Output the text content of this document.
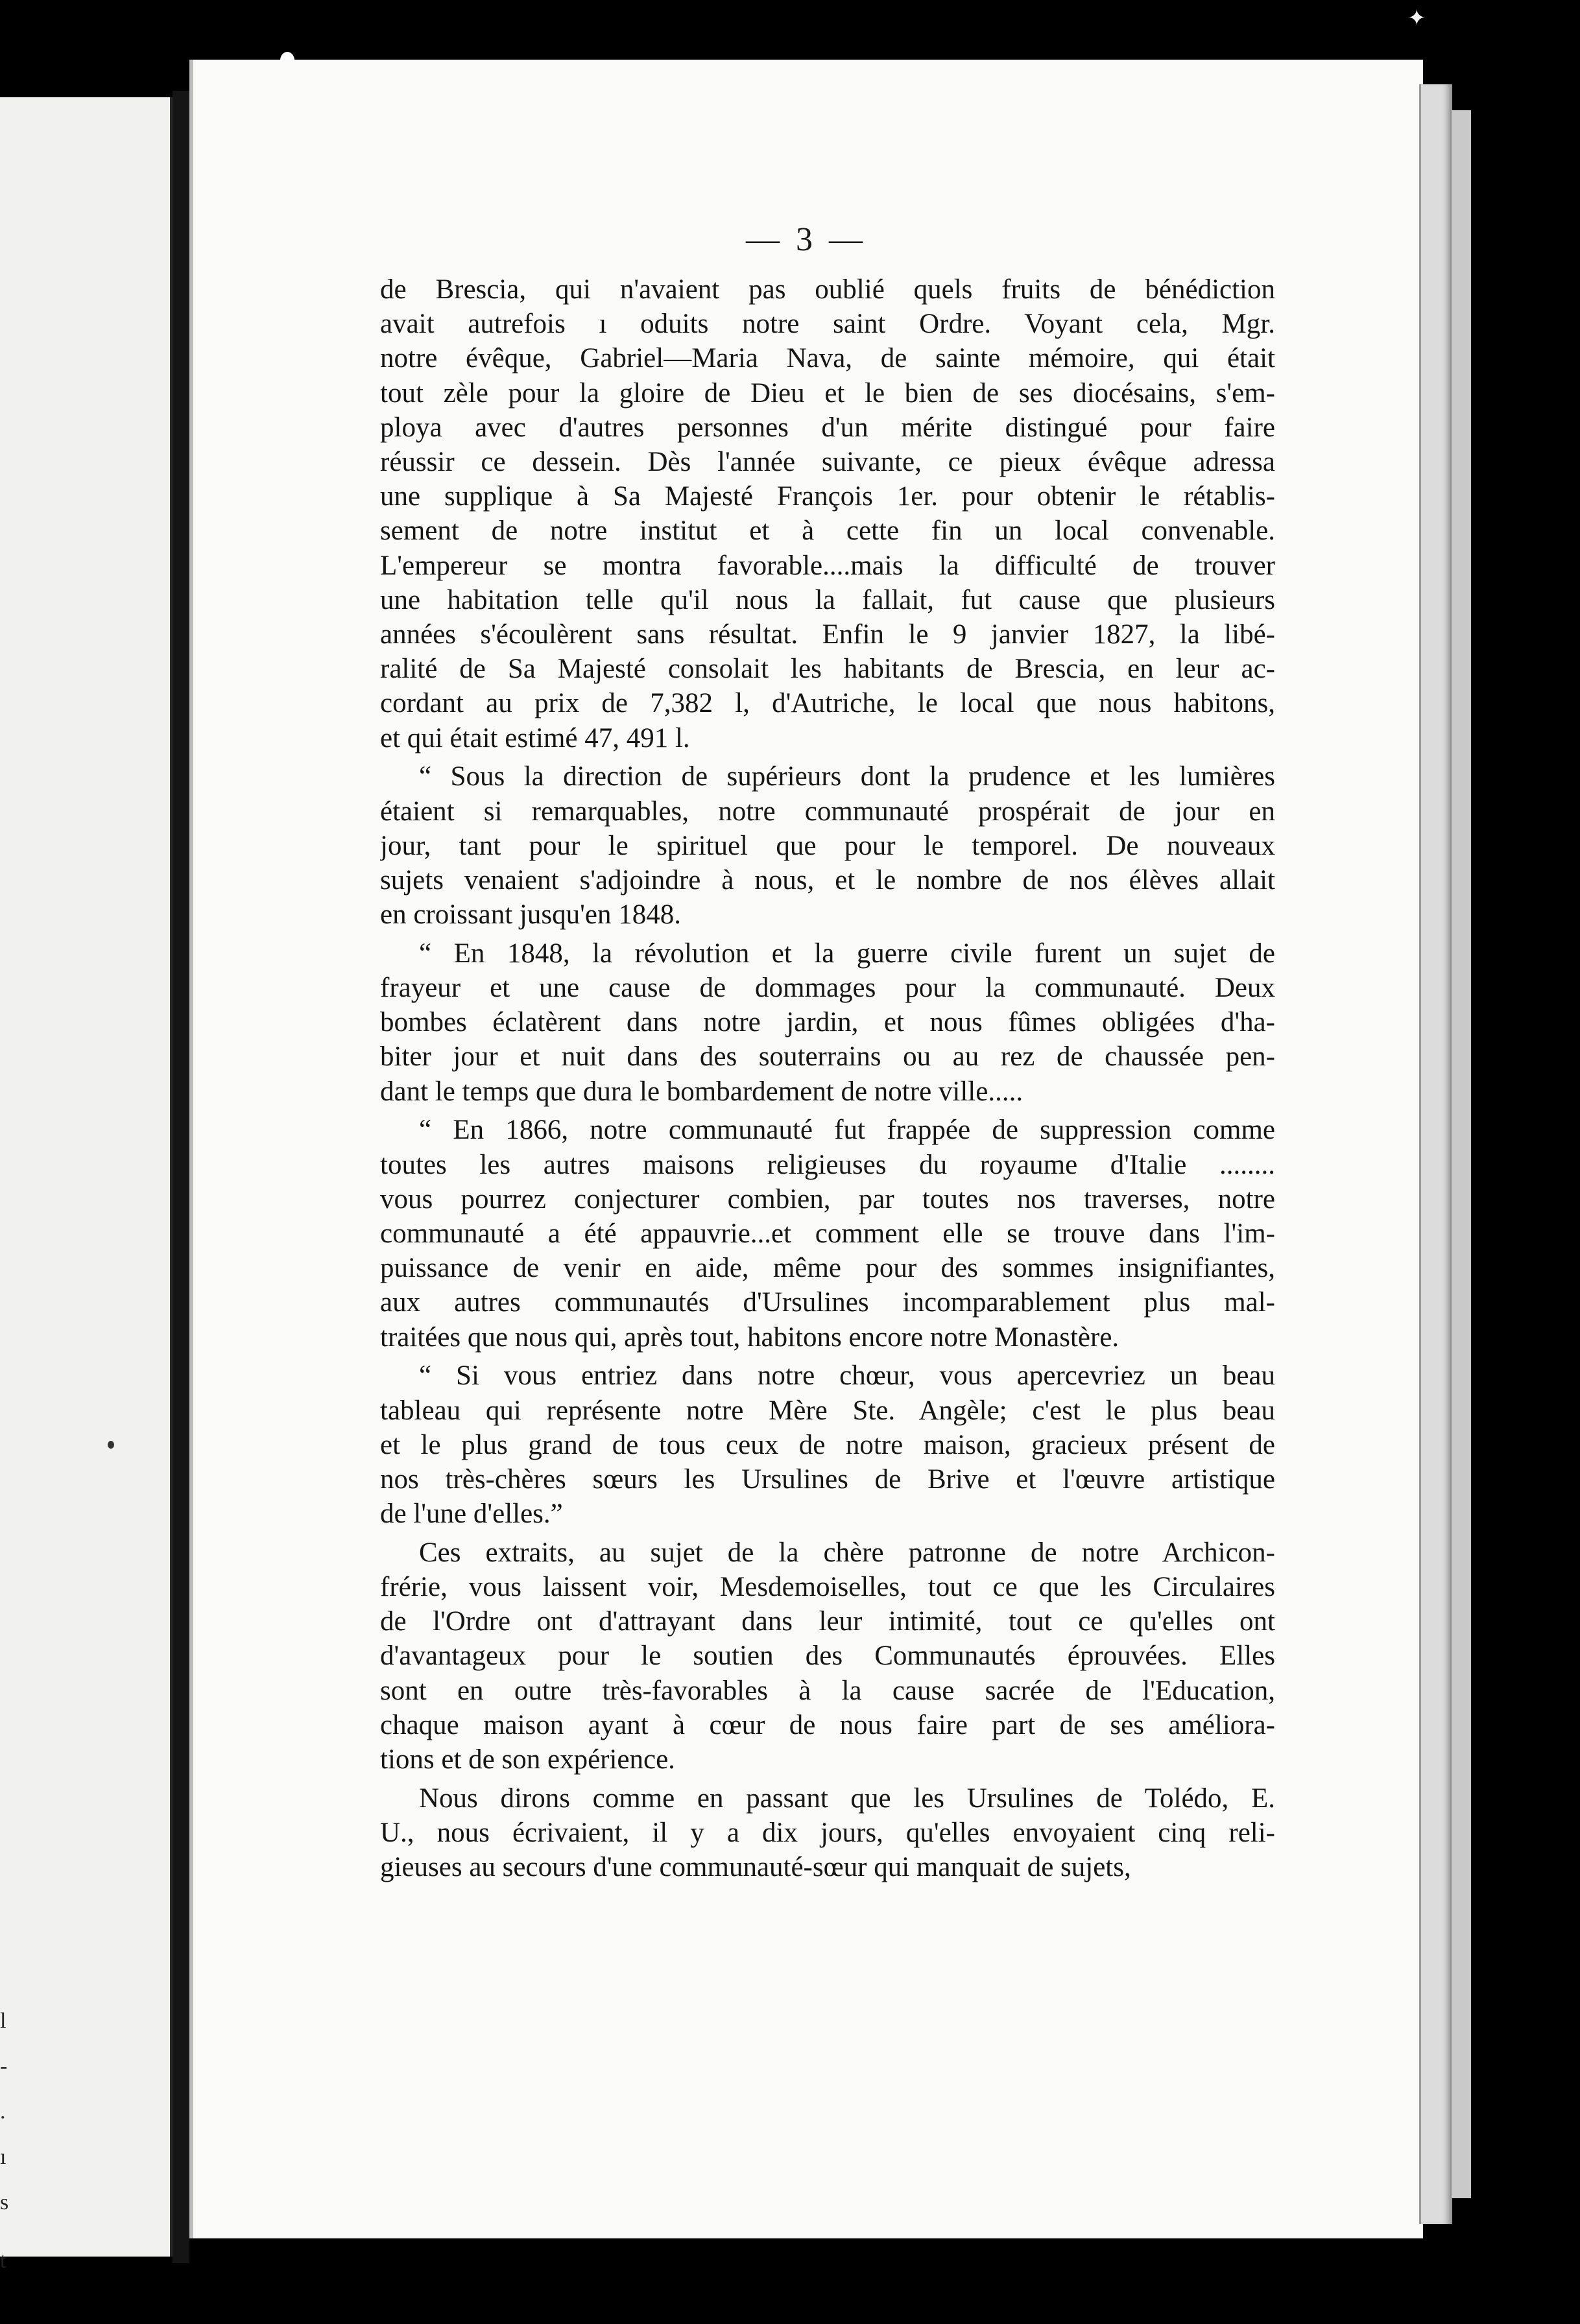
l
-
.
ı
s
t
✦
— 3 —
de Brescia, qui n'avaient pas oublié quels fruits de bénédiction
avait autrefois ı oduits notre saint Ordre. Voyant cela, Mgr.
notre évêque, Gabriel—Maria Nava, de sainte mémoire, qui était
tout zèle pour la gloire de Dieu et le bien de ses diocésains, s'em-
ploya avec d'autres personnes d'un mérite distingué pour faire
réussir ce dessein. Dès l'année suivante, ce pieux évêque adressa
une supplique à Sa Majesté François 1er. pour obtenir le rétablis-
sement de notre institut et à cette fin un local convenable.
L'empereur se montra favorable....mais la difficulté de trouver
une habitation telle qu'il nous la fallait, fut cause que plusieurs
années s'écoulèrent sans résultat. Enfin le 9 janvier 1827, la libé-
ralité de Sa Majesté consolait les habitants de Brescia, en leur ac-
cordant au prix de 7,382 l, d'Autriche, le local que nous habitons,
et qui était estimé 47, 491 l.
“ Sous la direction de supérieurs dont la prudence et les lumières
étaient si remarquables, notre communauté prospérait de jour en
jour, tant pour le spirituel que pour le temporel. De nouveaux
sujets venaient s'adjoindre à nous, et le nombre de nos élèves allait
en croissant jusqu'en 1848.
“ En 1848, la révolution et la guerre civile furent un sujet de
frayeur et une cause de dommages pour la communauté. Deux
bombes éclatèrent dans notre jardin, et nous fûmes obligées d'ha-
biter jour et nuit dans des souterrains ou au rez de chaussée pen-
dant le temps que dura le bombardement de notre ville.....
“ En 1866, notre communauté fut frappée de suppression comme
toutes les autres maisons religieuses du royaume d'Italie ........
vous pourrez conjecturer combien, par toutes nos traverses, notre
communauté a été appauvrie...et comment elle se trouve dans l'im-
puissance de venir en aide, même pour des sommes insignifiantes,
aux autres communautés d'Ursulines incomparablement plus mal-
traitées que nous qui, après tout, habitons encore notre Monastère.
“ Si vous entriez dans notre chœur, vous apercevriez un beau
tableau qui représente notre Mère Ste. Angèle; c'est le plus beau
et le plus grand de tous ceux de notre maison, gracieux présent de
nos très-chères sœurs les Ursulines de Brive et l'œuvre artistique
de l'une d'elles.”
Ces extraits, au sujet de la chère patronne de notre Archicon-
frérie, vous laissent voir, Mesdemoiselles, tout ce que les Circulaires
de l'Ordre ont d'attrayant dans leur intimité, tout ce qu'elles ont
d'avantageux pour le soutien des Communautés éprouvées. Elles
sont en outre très-favorables à la cause sacrée de l'Education,
chaque maison ayant à cœur de nous faire part de ses améliora-
tions et de son expérience.
Nous dirons comme en passant que les Ursulines de Tolédo, E.
U., nous écrivaient, il y a dix jours, qu'elles envoyaient cinq reli-
gieuses au secours d'une communauté-sœur qui manquait de sujets,
